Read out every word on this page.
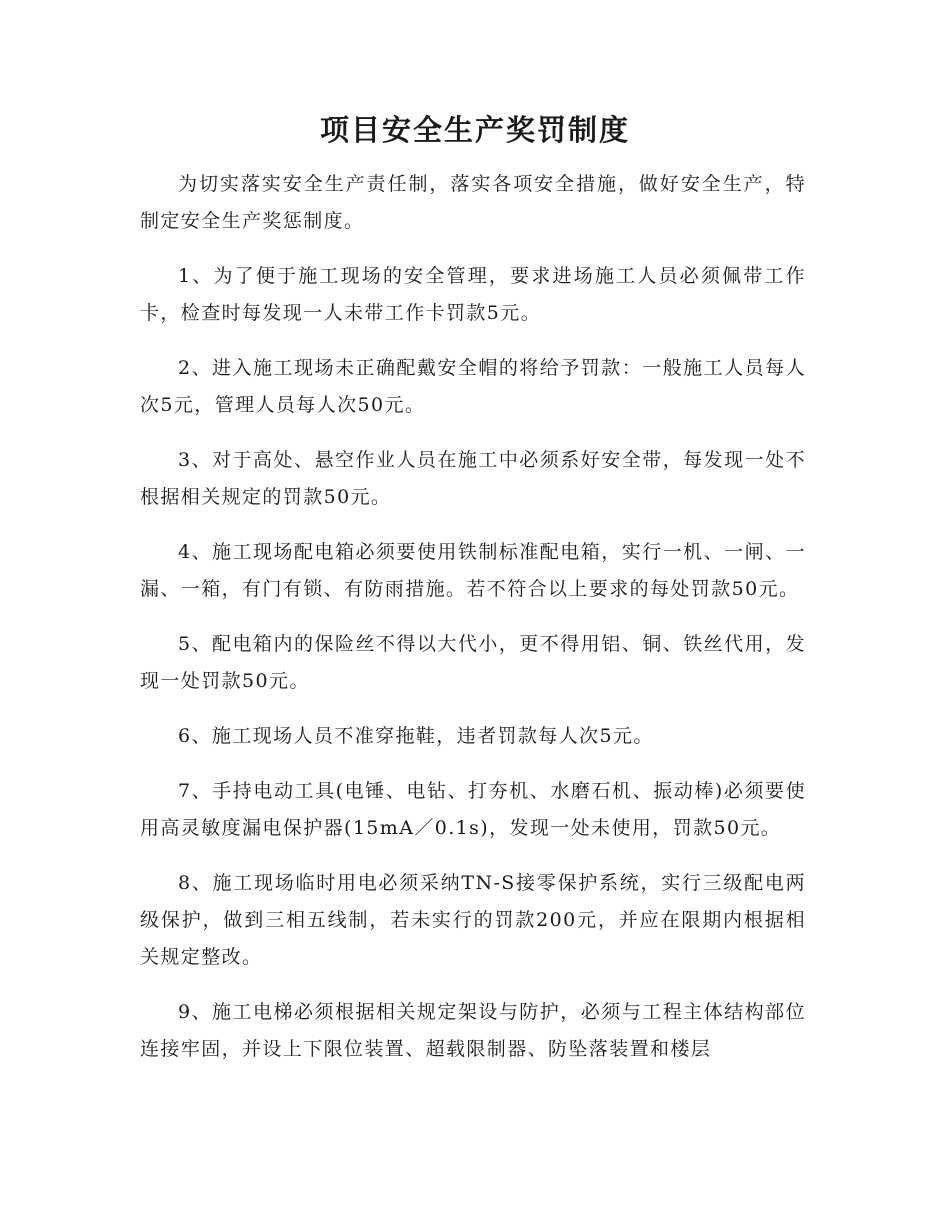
项目安全生产奖罚制度

为切实落实安全生产责任制，落实各项安全措施，做好安全生产，特制定安全生产奖惩制度。

1、为了便于施工现场的安全管理，要求进场施工人员必须佩带工作卡，检查时每发现一人未带工作卡罚款5元。

2、进入施工现场未正确配戴安全帽的将给予罚款：一般施工人员每人次5元，管理人员每人次50元。

3、对于高处、悬空作业人员在施工中必须系好安全带，每发现一处不根据相关规定的罚款50元。

4、施工现场配电箱必须要使用铁制标准配电箱，实行一机、一闸、一漏、一箱，有门有锁、有防雨措施。若不符合以上要求的每处罚款50元。

5、配电箱内的保险丝不得以大代小，更不得用铝、铜、铁丝代用，发现一处罚款50元。

6、施工现场人员不准穿拖鞋，违者罚款每人次5元。

7、手持电动工具(电锤、电钻、打夯机、水磨石机、振动棒)必须要使用高灵敏度漏电保护器(15mA／0.1s)，发现一处未使用，罚款50元。

8、施工现场临时用电必须采纳TN-S接零保护系统，实行三级配电两级保护，做到三相五线制，若未实行的罚款200元，并应在限期内根据相关规定整改。

9、施工电梯必须根据相关规定架设与防护，必须与工程主体结构部位连接牢固，并设上下限位装置、超载限制器、防坠落装置和楼层
